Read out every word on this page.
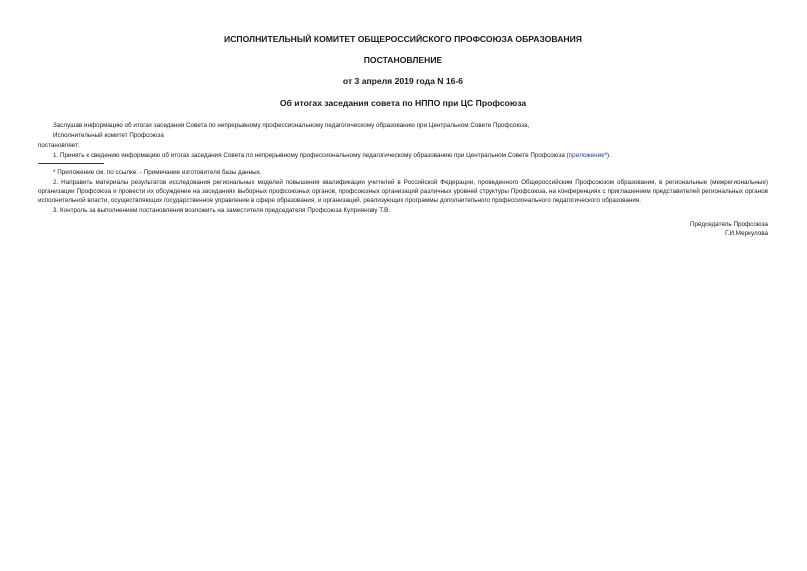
ИСПОЛНИТЕЛЬНЫЙ КОМИТЕТ ОБЩЕРОССИЙСКОГО ПРОФСОЮЗА ОБРАЗОВАНИЯ
ПОСТАНОВЛЕНИЕ
от 3 апреля 2019 года N 16-6
Об итогах заседания совета по НППО при ЦС Профсоюза

Заслушав информацию об итогах заседания Совета по непрерывному профессиональному педагогическому образованию при Центральном Совете Профсоюза,

Исполнительный комитет Профсоюза

постановляет:

1. Принять к сведению информацию об итогах заседания Совета по непрерывному профессиональному педагогическому образованию при Центральном Совете Профсоюза (приложение*).

* Приложение см. по ссылке. - Примечание изготовителя базы данных.

2. Направить материалы результатов исследования региональных моделей повышения квалификации учителей в Российской Федерации, проведенного Общероссийским Профсоюзом образования, в региональные (межрегиональные) организации Профсоюза и провести их обсуждение на заседаниях выборных профсоюзных органов, профсоюзных организаций различных уровней структуры Профсоюза, на конференциях с приглашением представителей региональных органов исполнительной власти, осуществляющих государственное управление в сфере образования, и организаций, реализующих программы дополнительного профессионального педагогического образования.

3. Контроль за выполнением постановления возложить на заместителя председателя Профсоюза Куприянову Т.В.

Председатель Профсоюза

Г.И.Меркулова
